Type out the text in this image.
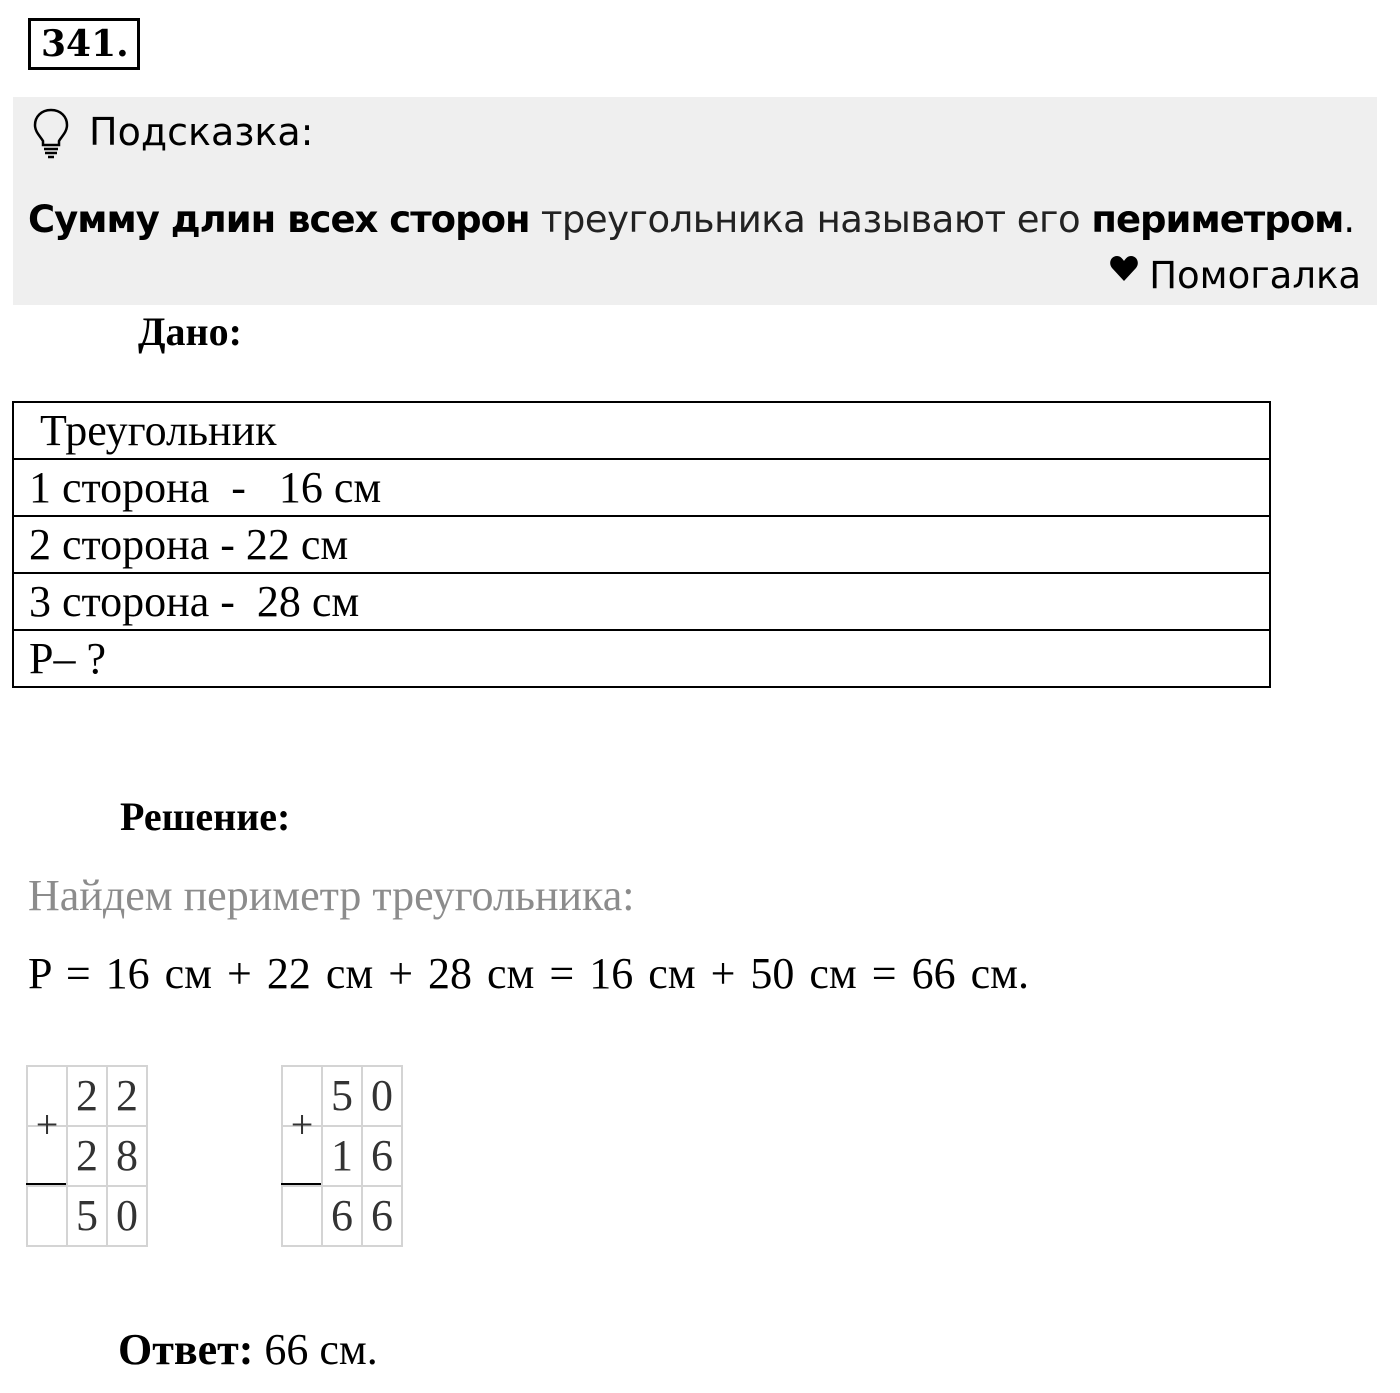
341.
Подсказка:
Сумму длин всех сторон треугольника называют его периметром.
Помогалка
Дано:
Треугольник
1 сторона  -   16 см
2 сторона - 22 см
3 сторона -  28 см
Р– ?
Решение:
Найдем периметр треугольника:
P = 16 см + 22 см + 28 см = 16 см + 50 см = 66 см.
+
2 2
2 8
5 0
+
5 0
1 6
6 6
Ответ: 66 см.
